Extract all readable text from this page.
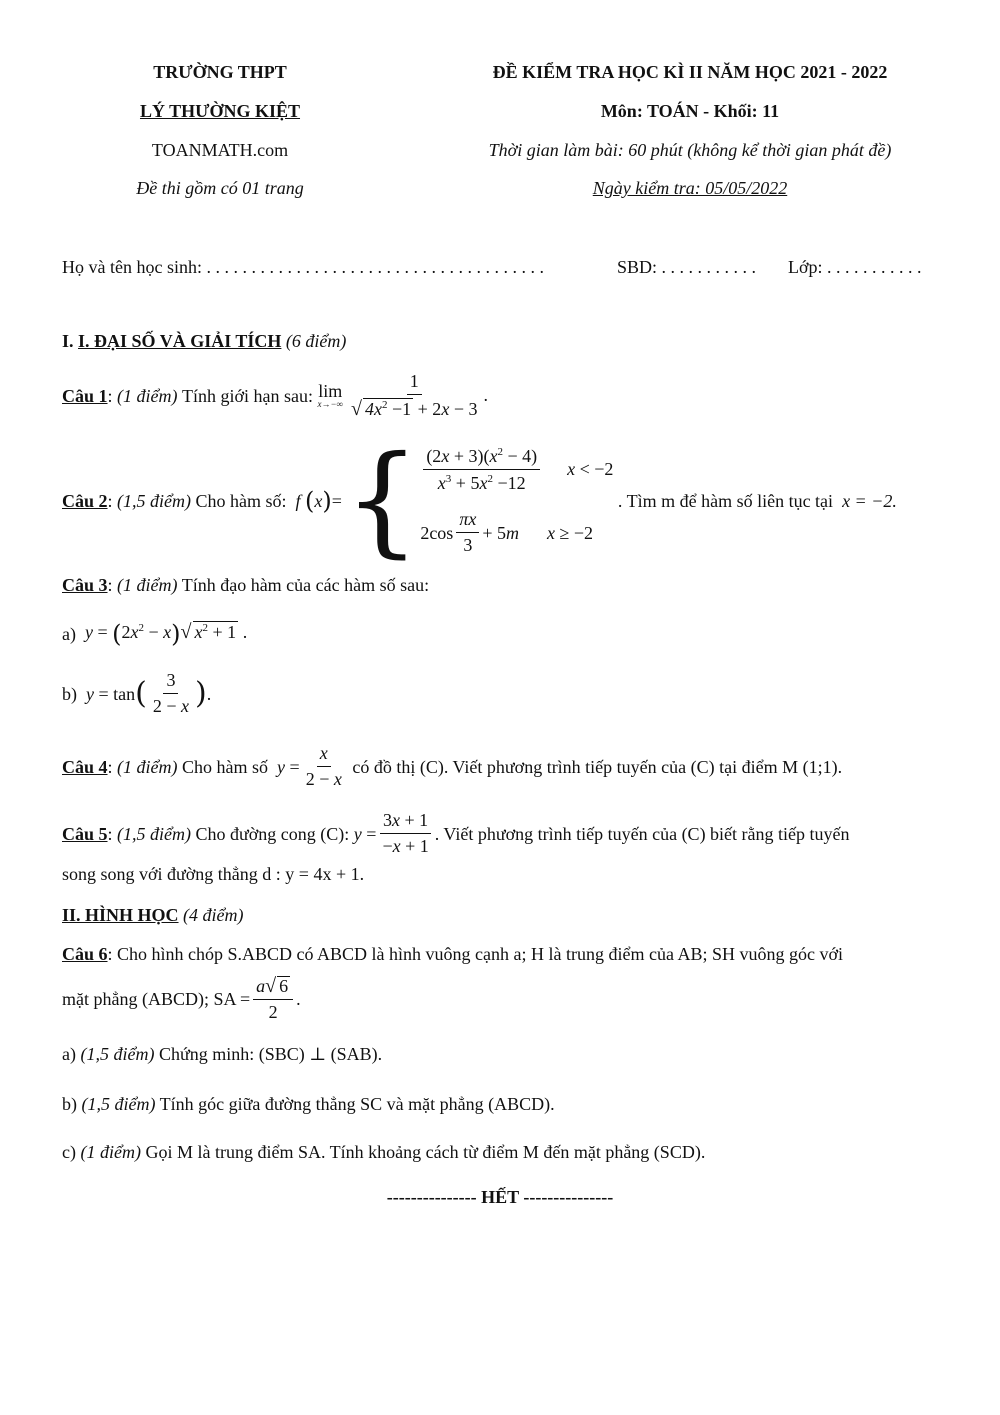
TRƯỜNG THPT
LÝ THƯỜNG KIỆT
TOANMATH.com
Đề thi gồm có 01 trang
ĐỀ KIỂM TRA HỌC KÌ II NĂM HỌC 2021 - 2022
Môn: TOÁN - Khối: 11
Thời gian làm bài: 60 phút (không kể thời gian phát đề)
Ngày kiểm tra: 05/05/2022
Họ và tên học sinh: . . . . . . . . . . . . . . . . . . . . . . . . . . . . . . . . . . . . . .	SBD: . . . . . . . . . . . Lớp: . . . . . . . . . . .
I. I. ĐẠI SỐ VÀ GIẢI TÍCH (6 điểm)
Câu 1 : (1 điểm)
Tính giới hạn sau:
lim
$x\to-\infty \frac{1}{√ 4x^2 -1 + 2x - 3}$ .
Câu 2 : (1,5 điểm)
Cho hàm số:
f
( x ) = { $\frac{(2x + 3)(x^2 - 4)}{x^3 + 5x^2 -12}$ x < −2
$2\cos \frac{\pi x}{3} + 5m$ x ≥ −2

. Tìm m để hàm số liên tục tại
x = −2.
Câu 3: (1 điểm) Tính đạo hàm của các hàm số sau:
a)
$y = (2x^2 - x)√$ $x^2 + 1$ .
b)
y = tan ( $\frac{3}{2 - x}$ ) .
Câu 4 : (1 điểm)
Cho hàm số
$y = \frac{x}{2 - x}$
có đồ thị (C). Viết phương trình tiếp tuyến của (C) tại điểm M (1;1).
Câu 5 : (1,5 điểm)
Cho đường cong (C):
$y = \frac{3x + 1}{-x + 1}$ . Viết phương trình tiếp tuyến của (C) biết rằng tiếp tuyến
song song với đường thẳng d : y = 4x + 1.
II. HÌNH HỌC (4 điểm)
Câu 6: Cho hình chóp S.ABCD có ABCD là hình vuông cạnh a; H là trung điểm của AB; SH vuông góc với
mặt phẳng (ABCD); SA = $\frac{a√ 6}{2}$ .
a) (1,5 điểm) Chứng minh: (SBC) ⊥ (SAB).
b) (1,5 điểm) Tính góc giữa đường thẳng SC và mặt phẳng (ABCD).
c) (1 điểm) Gọi M là trung điểm SA. Tính khoảng cách từ điểm M đến mặt phẳng (SCD).
--------------- HẾT ---------------
